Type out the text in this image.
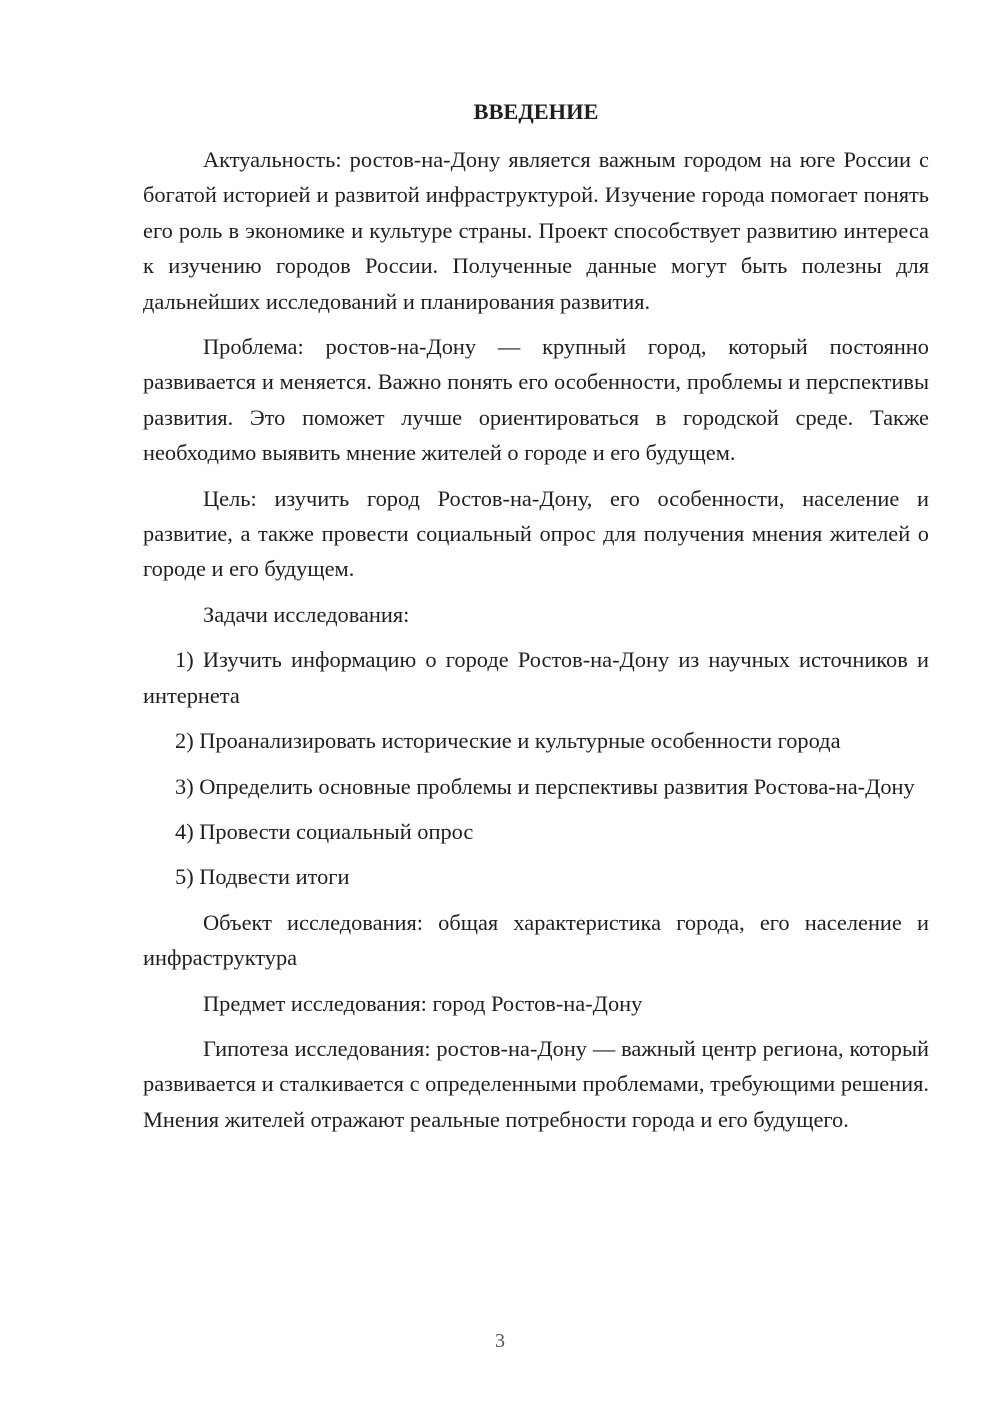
ВВЕДЕНИЕ

Актуальность: ростов-на-Дону является важным городом на юге России с богатой историей и развитой инфраструктурой. Изучение города помогает понять его роль в экономике и культуре страны. Проект способствует развитию интереса к изучению городов России. Полученные данные могут быть полезны для дальнейших исследований и планирования развития.

Проблема: ростов-на-Дону — крупный город, который постоянно развивается и меняется. Важно понять его особенности, проблемы и перспективы развития. Это поможет лучше ориентироваться в городской среде. Также необходимо выявить мнение жителей о городе и его будущем.

Цель: изучить город Ростов-на-Дону, его особенности, население и развитие, а также провести социальный опрос для получения мнения жителей о городе и его будущем.

Задачи исследования:

1) Изучить информацию о городе Ростов-на-Дону из научных источников и интернета

2) Проанализировать исторические и культурные особенности города

3) Определить основные проблемы и перспективы развития Ростова-на-Дону

4) Провести социальный опрос

5) Подвести итоги

Объект исследования: общая характеристика города, его население и инфраструктура

Предмет исследования: город Ростов-на-Дону

Гипотеза исследования: ростов-на-Дону — важный центр региона, который развивается и сталкивается с определенными проблемами, требующими решения. Мнения жителей отражают реальные потребности города и его будущего.

3
